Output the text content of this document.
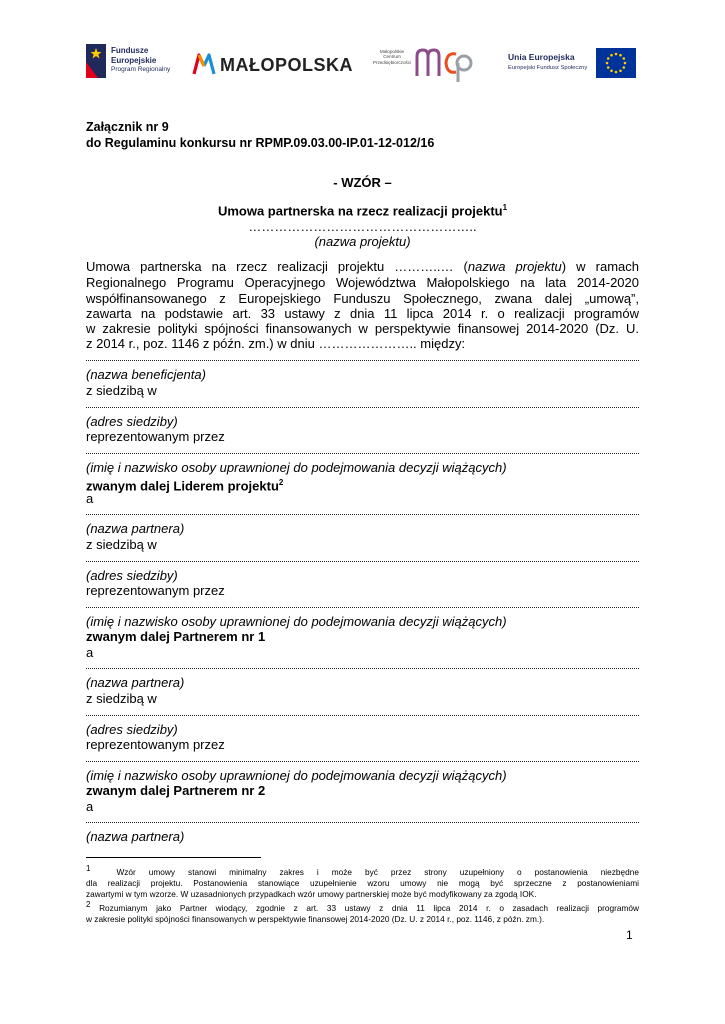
Fundusze
Europejskie
Program Regionalny	MAŁOPOLSKA
Małopolskie
Centrum
Przedsiębiorczości
Unia Europejska
Europejski Fundusz Społeczny
Załącznik nr 9
do Regulaminu konkursu nr RPMP.09.03.00-IP.01-12-012/16
- WZÓR –
Umowa partnerska na rzecz realizacji projektu$^1$
……………………………………………..
(nazwa projektu)
Umowa partnerska na rzecz realizacji projektu ………..… (nazwa projektu) w ramach
Regionalnego Programu Operacyjnego Województwa Małopolskiego na lata 2014-2020
współfinansowanego z Europejskiego Funduszu Społecznego, zwana dalej „umową”,
zawarta na podstawie art. 33 ustawy z dnia 11 lipca 2014 r. o realizacji programów
w zakresie polityki spójności finansowanych w perspektywie finansowej 2014-2020 (Dz. U.
z 2014 r., poz. 1146 z późn. zm.) w dniu ………………….. między:
(nazwa beneficjenta)
z siedzibą w
(adres siedziby)
reprezentowanym przez
(imię i nazwisko osoby uprawnionej do podejmowania decyzji wiążących)
zwanym dalej Liderem projektu$^2$
a
(nazwa partnera)
z siedzibą w
(adres siedziby)
reprezentowanym przez
(imię i nazwisko osoby uprawnionej do podejmowania decyzji wiążących)
zwanym dalej Partnerem nr 1
a
(nazwa partnera)
z siedzibą w
(adres siedziby)
reprezentowanym przez
(imię i nazwisko osoby uprawnionej do podejmowania decyzji wiążących)
zwanym dalej Partnerem nr 2
a
(nazwa partnera)
$^1$	Wzór umowy stanowi minimalny zakres i może być przez strony uzupełniony o postanowienia niezbędne
dla realizacji projektu. Postanowienia stanowiące uzupełnienie wzoru umowy nie mogą być sprzeczne z postanowieniami
zawartymi w tym wzorze. W uzasadnionych przypadkach wzór umowy partnerskiej może być modyfikowany za zgodą IOK.
$^2$ Rozumianym jako Partner wiodący, zgodnie z art. 33 ustawy z dnia 11 lipca 2014 r. o zasadach realizacji programów
w zakresie polityki spójności finansowanych w perspektywie finansowej 2014-2020 (Dz. U. z 2014 r., poz. 1146, z późn. zm.).
1
